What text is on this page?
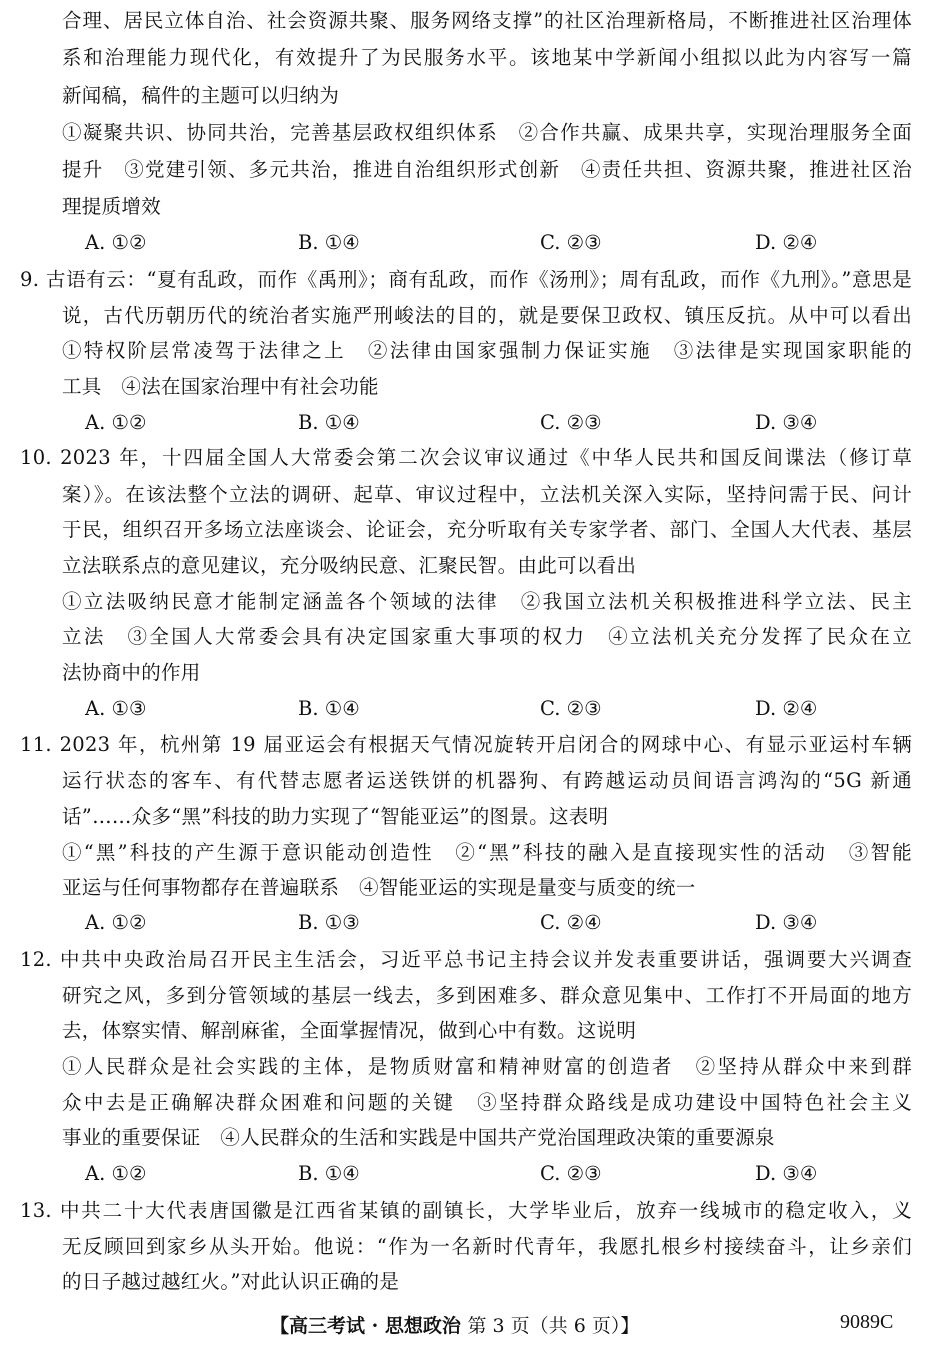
合理、居民立体自治、社会资源共聚、服务网络支撑”的社区治理新格局，不断推进社区治理体
系和治理能力现代化，有效提升了为民服务水平。该地某中学新闻小组拟以此为内容写一篇
新闻稿，稿件的主题可以归纳为
①凝聚共识、协同共治，完善基层政权组织体系　②合作共赢、成果共享，实现治理服务全面
提升　③党建引领、多元共治，推进自治组织形式创新　④责任共担、资源共聚，推进社区治
理提质增效
A. ①②	B. ①④	C. ②③	D. ②④
9. 古语有云：“夏有乱政，而作《禹刑》；商有乱政，而作《汤刑》；周有乱政，而作《九刑》。”意思是
说，古代历朝历代的统治者实施严刑峻法的目的，就是要保卫政权、镇压反抗。从中可以看出
①特权阶层常凌驾于法律之上　②法律由国家强制力保证实施　③法律是实现国家职能的
工具　④法在国家治理中有社会功能
A. ①②	B. ①④	C. ②③	D. ③④
10. 2023 年，十四届全国人大常委会第二次会议审议通过《中华人民共和国反间谍法（修订草
案）》。在该法整个立法的调研、起草、审议过程中，立法机关深入实际，坚持问需于民、问计
于民，组织召开多场立法座谈会、论证会，充分听取有关专家学者、部门、全国人大代表、基层
立法联系点的意见建议，充分吸纳民意、汇聚民智。由此可以看出
①立法吸纳民意才能制定涵盖各个领域的法律　②我国立法机关积极推进科学立法、民主
立法　③全国人大常委会具有决定国家重大事项的权力　④立法机关充分发挥了民众在立
法协商中的作用
A. ①③	B. ①④	C. ②③	D. ②④
11. 2023 年，杭州第 19 届亚运会有根据天气情况旋转开启闭合的网球中心、有显示亚运村车辆
运行状态的客车、有代替志愿者运送铁饼的机器狗、有跨越运动员间语言鸿沟的“5G 新通
话”……众多“黑”科技的助力实现了“智能亚运”的图景。这表明
①“黑”科技的产生源于意识能动创造性　②“黑”科技的融入是直接现实性的活动　③智能
亚运与任何事物都存在普遍联系　④智能亚运的实现是量变与质变的统一
A. ①②	B. ①③	C. ②④	D. ③④
12. 中共中央政治局召开民主生活会，习近平总书记主持会议并发表重要讲话，强调要大兴调查
研究之风，多到分管领域的基层一线去，多到困难多、群众意见集中、工作打不开局面的地方
去，体察实情、解剖麻雀，全面掌握情况，做到心中有数。这说明
①人民群众是社会实践的主体，是物质财富和精神财富的创造者　②坚持从群众中来到群
众中去是正确解决群众困难和问题的关键　③坚持群众路线是成功建设中国特色社会主义
事业的重要保证　④人民群众的生活和实践是中国共产党治国理政决策的重要源泉
A. ①②	B. ①④	C. ②③	D. ③④
13. 中共二十大代表唐国徽是江西省某镇的副镇长，大学毕业后，放弃一线城市的稳定收入，义
无反顾回到家乡从头开始。他说：“作为一名新时代青年，我愿扎根乡村接续奋斗，让乡亲们
的日子越过越红火。”对此认识正确的是
【高三考试 · 思想政治 第 3 页（共 6 页）】	9089C
